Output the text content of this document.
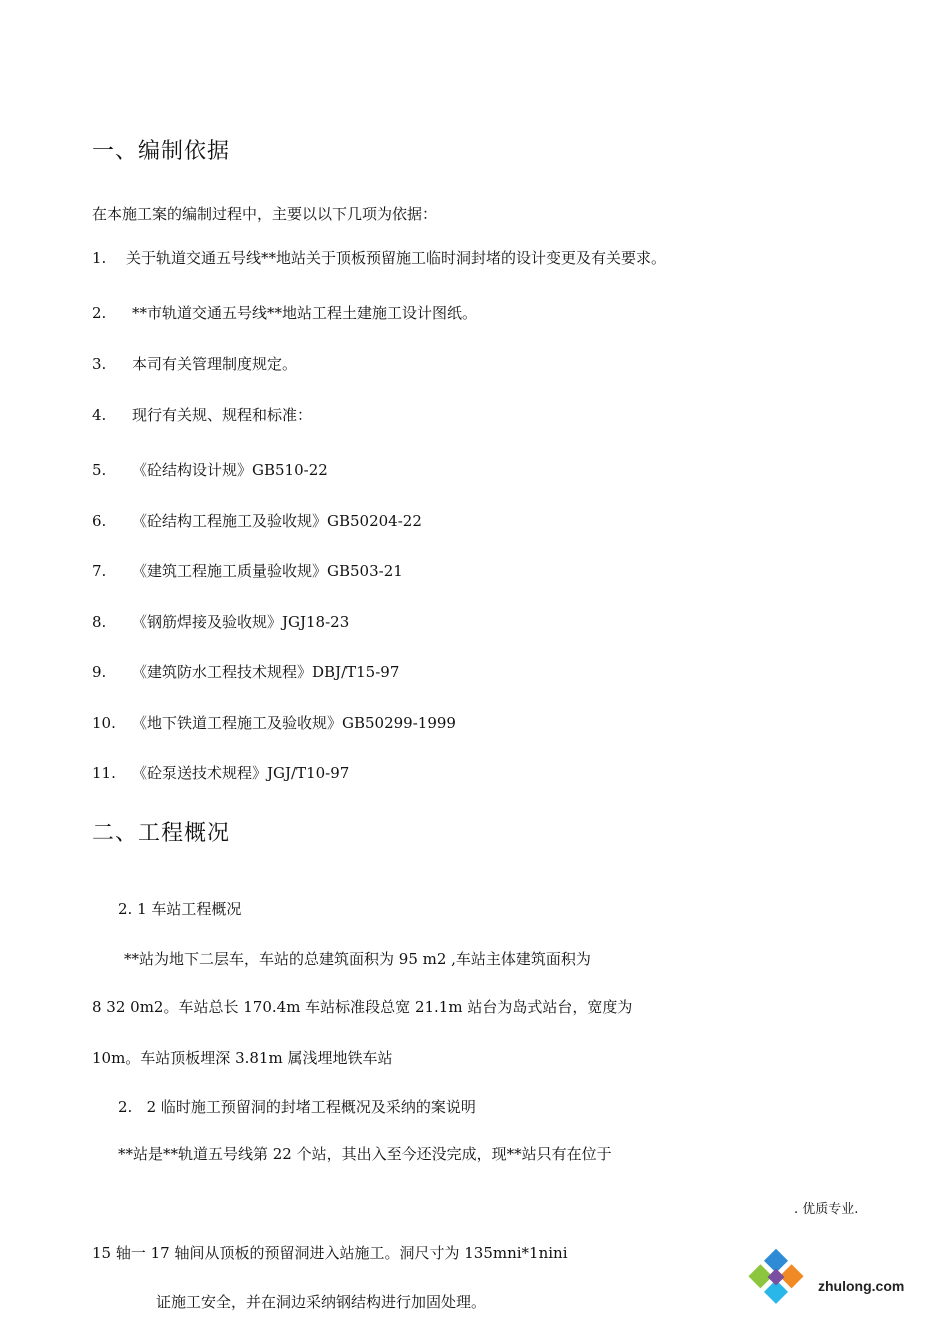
一、编制依据
在本施工案的编制过程中，主要以以下几项为依据：
1. 关于轨道交通五号线**地站关于顶板预留施工临时洞封堵的设计变更及有关要求。
2. **市轨道交通五号线**地站工程土建施工设计图纸。
3. 本司有关管理制度规定。
4. 现行有关规、规程和标准：
5. 《砼结构设计规》GB510-22
6. 《砼结构工程施工及验收规》GB50204-22
7. 《建筑工程施工质量验收规》GB503-21
8. 《钢筋焊接及验收规》JGJ18-23
9. 《建筑防水工程技术规程》DBJ/T15-97
10. 《地下铁道工程施工及验收规》GB50299-1999
11. 《砼泵送技术规程》JGJ/T10-97
二、工程概况
2. 1 车站工程概况
**站为地下二层车，车站的总建筑面积为 95 m2 ,车站主体建筑面积为
8 32 0m2。车站总长 170.4m 车站标准段总宽 21.1m 站台为岛式站台，宽度为
10m。车站顶板埋深 3.81m 属浅埋地铁车站
2.   2 临时施工预留洞的封堵工程概况及采纳的案说明
**站是**轨道五号线第 22 个站，其出入至今还没完成，现**站只有在位于
. 优质专业.
15 轴一 17 轴间从顶板的预留洞进入站施工。洞尺寸为 135mni*1nini
证施工安全，并在洞边采纳钢结构进行加固处理。
zhulong.com
